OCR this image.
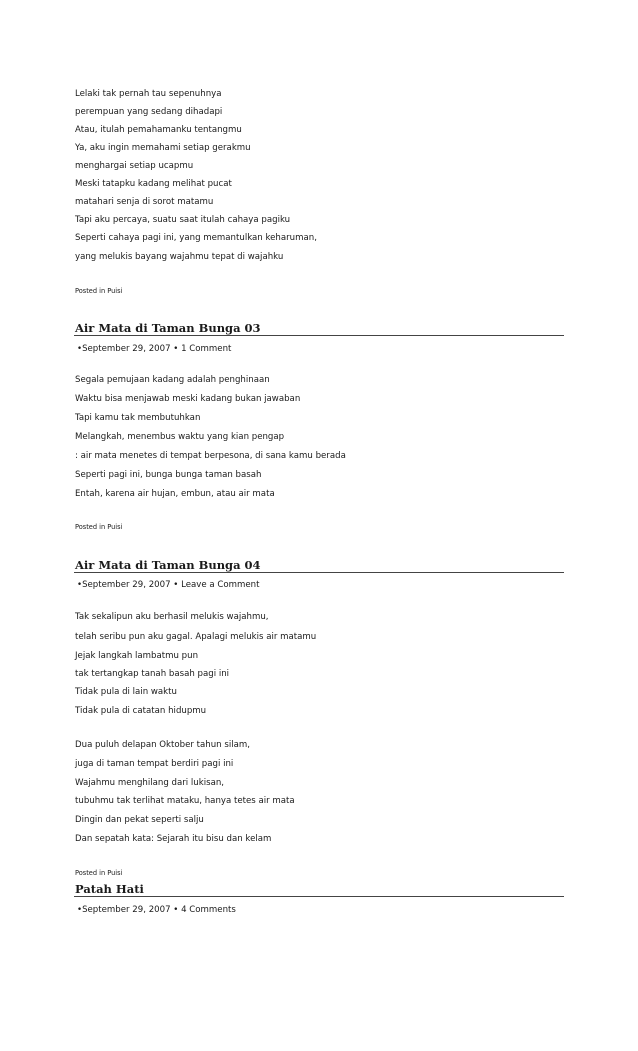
Lelaki tak pernah tau sepenuhnya
perempuan yang sedang dihadapi
Atau, itulah pemahamanku tentangmu
Ya, aku ingin memahami setiap gerakmu
menghargai setiap ucapmu
Meski tatapku kadang melihat pucat
matahari senja di sorot matamu
Tapi aku percaya, suatu saat itulah cahaya pagiku
Seperti cahaya pagi ini, yang memantulkan keharuman,
yang melukis bayang wajahmu tepat di wajahku
Posted in Puisi
Air Mata di Taman Bunga 03
•September 29, 2007 • 1 Comment
Segala pemujaan kadang adalah penghinaan
Waktu bisa menjawab meski kadang bukan jawaban
Tapi kamu tak membutuhkan
Melangkah, menembus waktu yang kian pengap
: air mata menetes di tempat berpesona, di sana kamu berada
Seperti pagi ini, bunga bunga taman basah
Entah, karena air hujan, embun, atau air mata
Posted in Puisi
Air Mata di Taman Bunga 04
•September 29, 2007 • Leave a Comment
Tak sekalipun aku berhasil melukis wajahmu,
telah seribu pun aku gagal. Apalagi melukis air matamu
Jejak langkah lambatmu pun
tak tertangkap tanah basah pagi ini
Tidak pula di lain waktu
Tidak pula di catatan hidupmu
Dua puluh delapan Oktober tahun silam,
juga di taman tempat berdiri pagi ini
Wajahmu menghilang dari lukisan,
tubuhmu tak terlihat mataku, hanya tetes air mata
Dingin dan pekat seperti salju
Dan sepatah kata: Sejarah itu bisu dan kelam
Posted in Puisi
Patah Hati
•September 29, 2007 • 4 Comments
